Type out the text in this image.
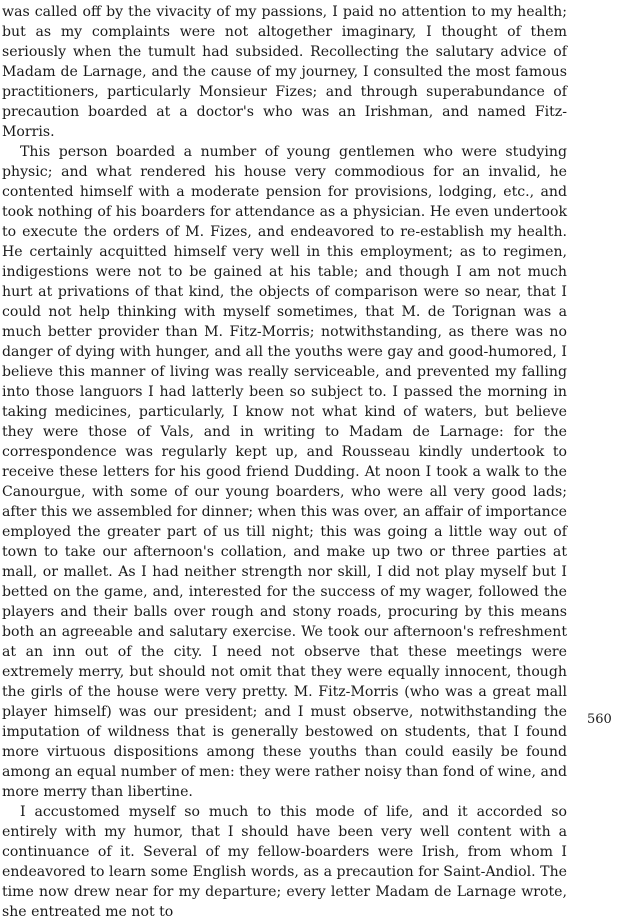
was called off by the vivacity of my passions, I paid no attention to my health; but as my complaints were not altogether imaginary, I thought of them seriously when the tumult had subsided. Recollecting the salutary advice of Madam de Larnage, and the cause of my journey, I consulted the most famous practitioners, particularly Monsieur Fizes; and through superabundance of precaution boarded at a doctor's who was an Irishman, and named Fitz-Morris.

This person boarded a number of young gentlemen who were studying physic; and what rendered his house very commodious for an invalid, he contented himself with a moderate pension for provisions, lodging, etc., and took nothing of his boarders for attendance as a physician. He even undertook to execute the orders of M. Fizes, and endeavored to re-establish my health. He certainly acquitted himself very well in this employment; as to regimen, indigestions were not to be gained at his table; and though I am not much hurt at privations of that kind, the objects of comparison were so near, that I could not help thinking with myself sometimes, that M. de Torignan was a much better provider than M. Fitz-Morris; notwithstanding, as there was no danger of dying with hunger, and all the youths were gay and good-humored, I believe this manner of living was really serviceable, and prevented my falling into those languors I had latterly been so subject to. I passed the morning in taking medicines, particularly, I know not what kind of waters, but believe they were those of Vals, and in writing to Madam de Larnage: for the correspondence was regularly kept up, and Rousseau kindly undertook to receive these letters for his good friend Dudding. At noon I took a walk to the Canourgue, with some of our young boarders, who were all very good lads; after this we assembled for dinner; when this was over, an affair of importance employed the greater part of us till night; this was going a little way out of town to take our afternoon's collation, and make up two or three parties at mall, or mallet. As I had neither strength nor skill, I did not play myself but I betted on the game, and, interested for the success of my wager, followed the players and their balls over rough and stony roads, procuring by this means both an agreeable and salutary exercise. We took our afternoon's refreshment at an inn out of the city. I need not observe that these meetings were extremely merry, but should not omit that they were equally innocent, though the girls of the house were very pretty. M. Fitz-Morris (who was a great mall player himself) was our president; and I must observe, notwithstanding the imputation of wildness that is generally bestowed on students, that I found more virtuous dispositions among these youths than could easily be found among an equal number of men: they were rather noisy than fond of wine, and more merry than libertine.

I accustomed myself so much to this mode of life, and it accorded so entirely with my humor, that I should have been very well content with a continuance of it. Several of my fellow-boarders were Irish, from whom I endeavored to learn some English words, as a precaution for Saint-Andiol. The time now drew near for my departure; every letter Madam de Larnage wrote, she entreated me not to

560
